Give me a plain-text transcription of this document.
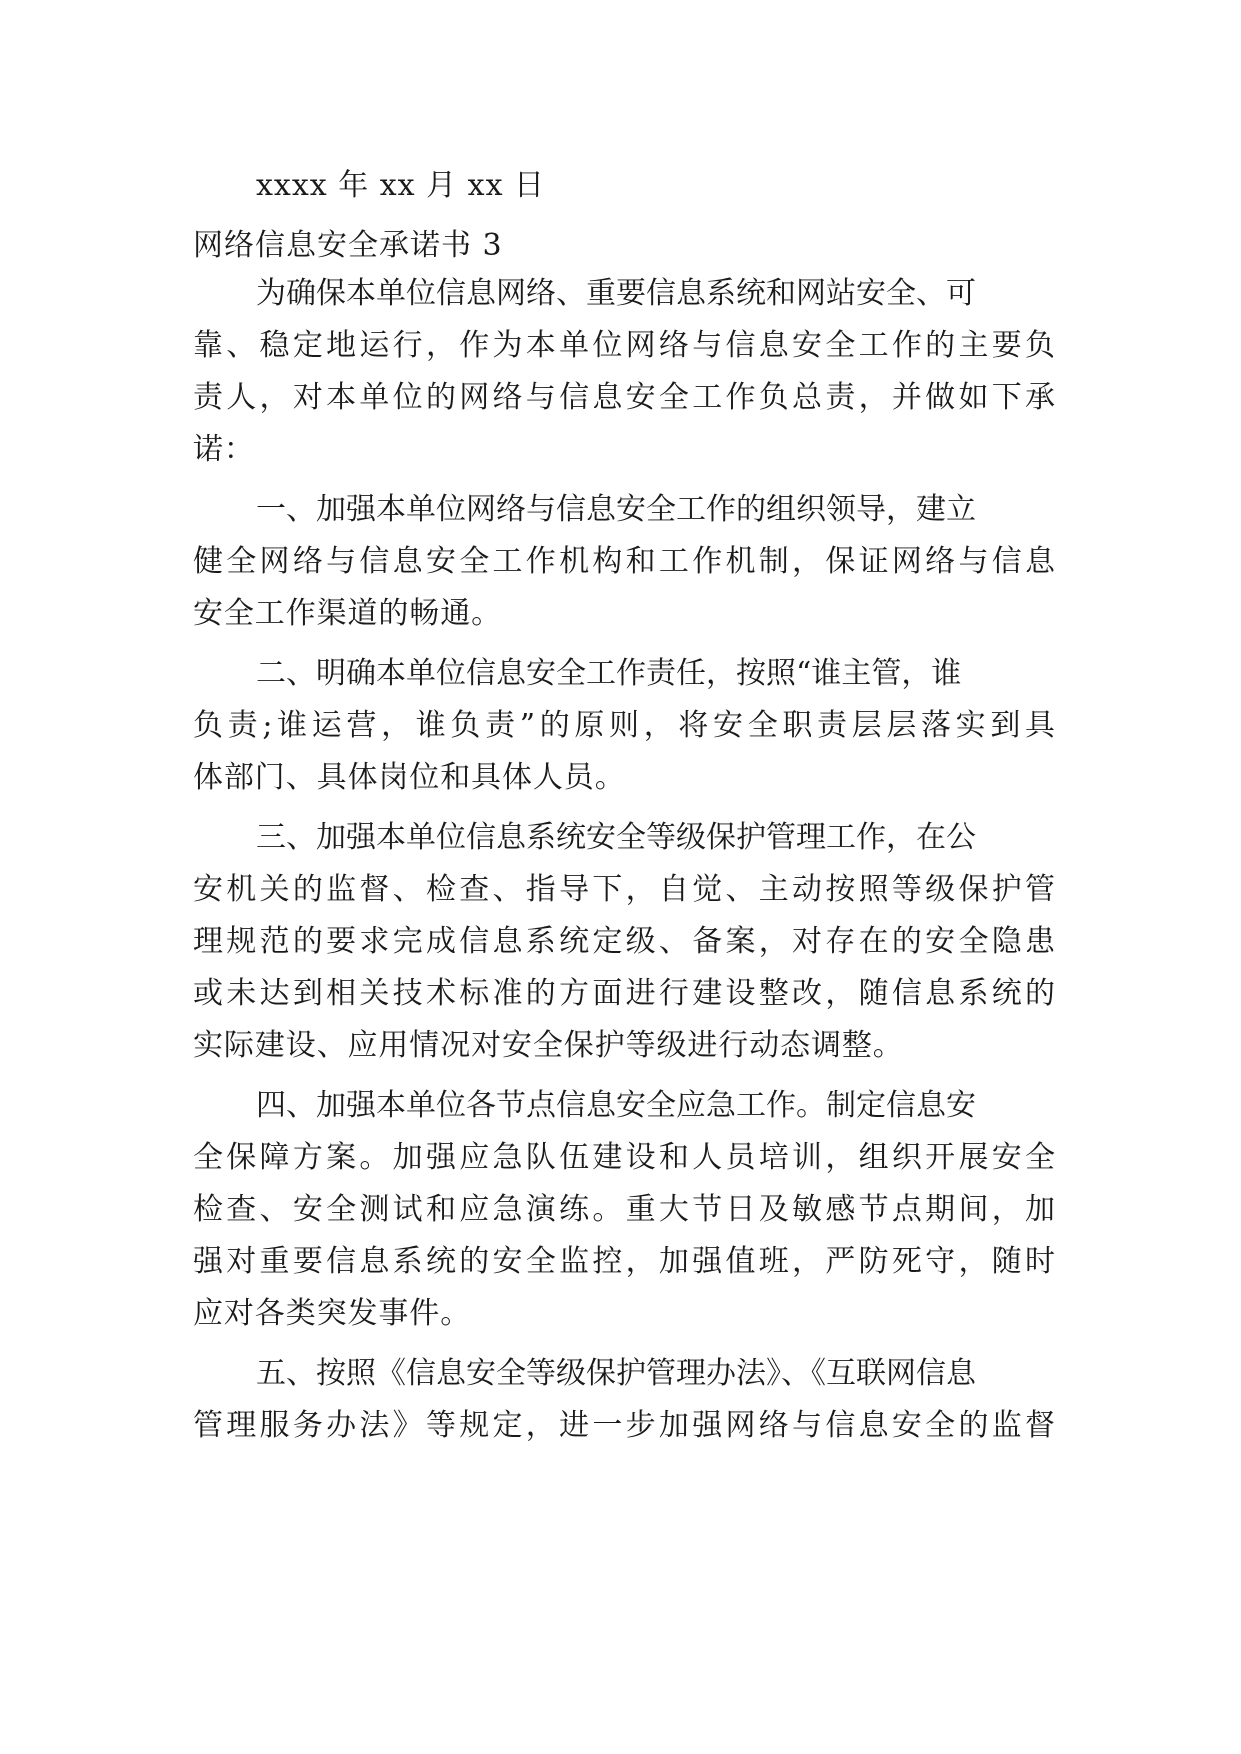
xxxx 年 xx 月 xx 日
网络信息安全承诺书 3
为确保本单位信息网络、重要信息系统和网站安全、可
靠、稳定地运行，作为本单位网络与信息安全工作的主要负
责人，对本单位的网络与信息安全工作负总责，并做如下承
诺：
一、加强本单位网络与信息安全工作的组织领导，建立
健全网络与信息安全工作机构和工作机制，保证网络与信息
安全工作渠道的畅通。
二、明确本单位信息安全工作责任，按照“谁主管，谁
负责;谁运营，谁负责”的原则，将安全职责层层落实到具
体部门、具体岗位和具体人员。
三、加强本单位信息系统安全等级保护管理工作，在公
安机关的监督、检查、指导下，自觉、主动按照等级保护管
理规范的要求完成信息系统定级、备案，对存在的安全隐患
或未达到相关技术标准的方面进行建设整改，随信息系统的
实际建设、应用情况对安全保护等级进行动态调整。
四、加强本单位各节点信息安全应急工作。制定信息安
全保障方案。加强应急队伍建设和人员培训，组织开展安全
检查、安全测试和应急演练。重大节日及敏感节点期间，加
强对重要信息系统的安全监控，加强值班，严防死守，随时
应对各类突发事件。
五、按照《信息安全等级保护管理办法》、《互联网信息
管理服务办法》等规定，进一步加强网络与信息安全的监督
